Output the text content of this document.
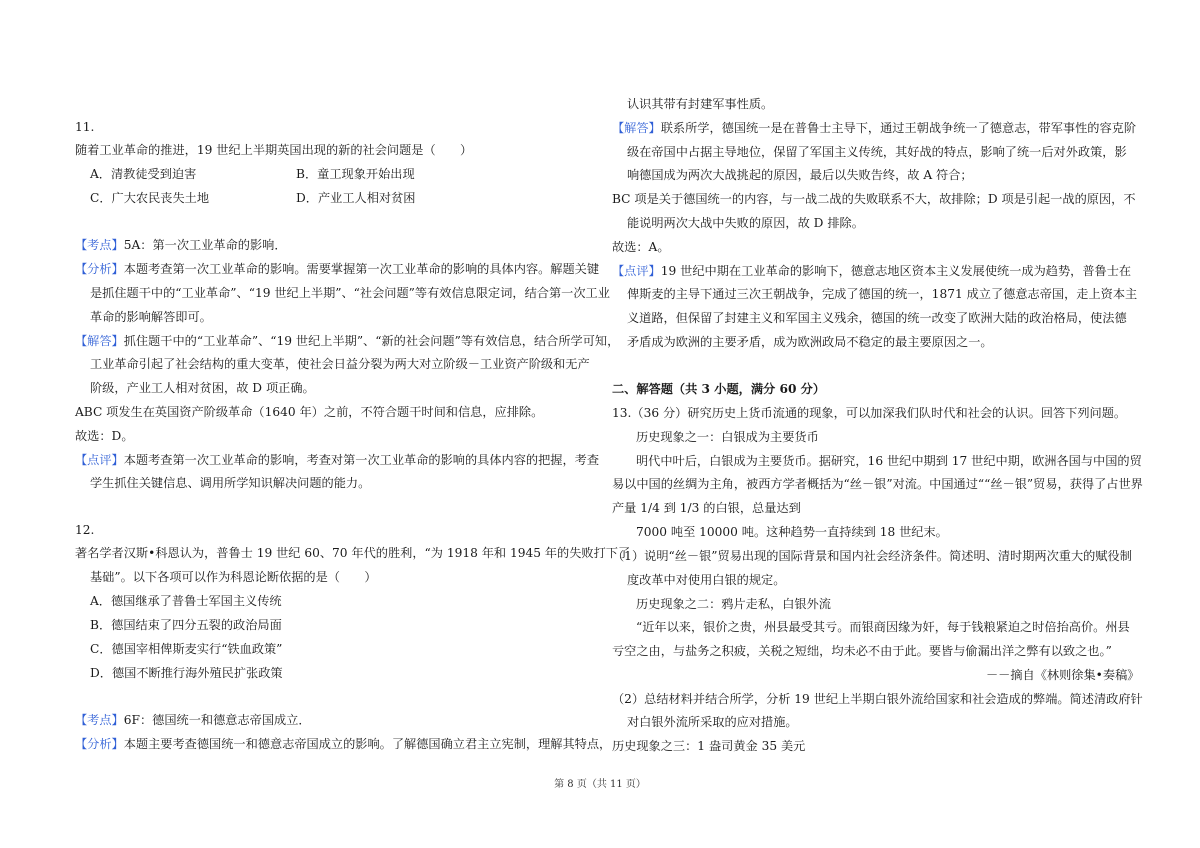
11.
随着工业革命的推进，19 世纪上半期英国出现的新的社会问题是（　　）
A．清教徒受到迫害	B．童工现象开始出现
C．广大农民丧失土地	D．产业工人相对贫困
【考点】5A：第一次工业革命的影响．
【分析】本题考查第一次工业革命的影响。需要掌握第一次工业革命的影响的具体内容。解题关键
是抓住题干中的“工业革命”、“19 世纪上半期”、“社会问题”等有效信息限定词，结合第一次工业
革命的影响解答即可。
【解答】抓住题干中的“工业革命”、“19 世纪上半期”、“新的社会问题”等有效信息，结合所学可知，
工业革命引起了社会结构的重大变革，使社会日益分裂为两大对立阶级－工业资产阶级和无产
阶级，产业工人相对贫困，故 D 项正确。
ABC 项发生在英国资产阶级革命（1640 年）之前，不符合题干时间和信息，应排除。
故选：D。
【点评】本题考查第一次工业革命的影响，考查对第一次工业革命的影响的具体内容的把握，考查
学生抓住关键信息、调用所学知识解决问题的能力。
12.
著名学者汉斯•科恩认为，普鲁士 19 世纪 60、70 年代的胜利，“为 1918 年和 1945 年的失败打下了
基础”。以下各项可以作为科恩论断依据的是（　　）
A．德国继承了普鲁士军国主义传统
B．德国结束了四分五裂的政治局面
C．德国宰相俾斯麦实行“铁血政策”
D．德国不断推行海外殖民扩张政策
【考点】6F：德国统一和德意志帝国成立．
【分析】本题主要考查德国统一和德意志帝国成立的影响。了解德国确立君主立宪制，理解其特点，
认识其带有封建军事性质。
【解答】联系所学，德国统一是在普鲁士主导下，通过王朝战争统一了德意志，带军事性的容克阶
级在帝国中占据主导地位，保留了军国主义传统，其好战的特点，影响了统一后对外政策，影
响德国成为两次大战挑起的原因，最后以失败告终，故 A 符合；
BC 项是关于德国统一的内容，与一战二战的失败联系不大，故排除；D 项是引起一战的原因，不
能说明两次大战中失败的原因，故 D 排除。
故选：A。
【点评】19 世纪中期在工业革命的影响下，德意志地区资本主义发展使统一成为趋势，普鲁士在
俾斯麦的主导下通过三次王朝战争，完成了德国的统一，1871 成立了德意志帝国，走上资本主
义道路，但保留了封建主义和军国主义残余，德国的统一改变了欧洲大陆的政治格局，使法德
矛盾成为欧洲的主要矛盾，成为欧洲政局不稳定的最主要原因之一。
二、解答题（共 3 小题，满分 60 分）
13.（36 分）研究历史上货币流通的现象，可以加深我们队时代和社会的认识。回答下列问题。
历史现象之一：白银成为主要货币
明代中叶后，白银成为主要货币。据研究，16 世纪中期到 17 世纪中期，欧洲各国与中国的贸
易以中国的丝绸为主角，被西方学者概括为“丝－银”对流。中国通过““丝－银”贸易，获得了占世界
产量 1/4 到 1/3 的白银，总量达到
7000 吨至 10000 吨。这种趋势一直持续到 18 世纪末。
（1）说明“丝－银”贸易出现的国际背景和国内社会经济条件。简述明、清时期两次重大的赋役制
度改革中对使用白银的规定。
历史现象之二：鸦片走私，白银外流
“近年以来，银价之贵，州县最受其亏。而银商因缘为奸，每于钱粮紧迫之时倍抬高价。州县
亏空之由，与盐务之积疲，关税之短绌，均未必不由于此。要皆与偷漏出洋之弊有以致之也。”
－－摘自《林则徐集•奏稿》
（2）总结材料并结合所学，分析 19 世纪上半期白银外流给国家和社会造成的弊端。简述清政府针
对白银外流所采取的应对措施。
历史现象之三：1 盎司黄金 35 美元
第 8 页（共 11 页）
